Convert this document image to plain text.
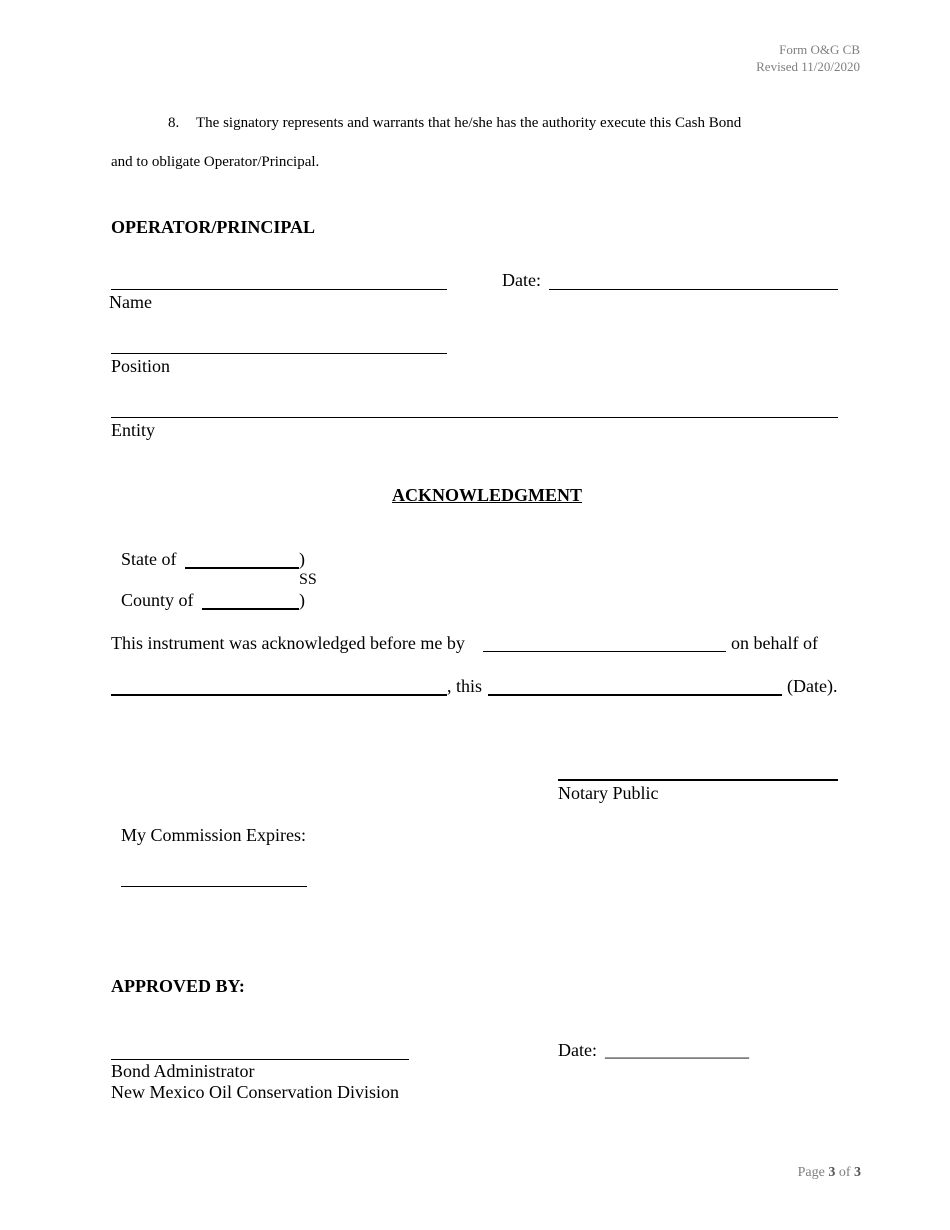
Form O&G CB
Revised 11/20/2020
8. The signatory represents and warrants that he/she has the authority execute this Cash Bond
and to obligate Operator/Principal.
OPERATOR/PRINCIPAL
Date:
Name
Position
Entity
ACKNOWLEDGMENT
State of	)
SS
County of	)
This instrument was acknowledged before me by	on behalf of
, this	(Date).
Notary Public
My Commission Expires:
APPROVED BY:
Date: ________________
Bond Administrator
New Mexico Oil Conservation Division
Page 3 of 3
